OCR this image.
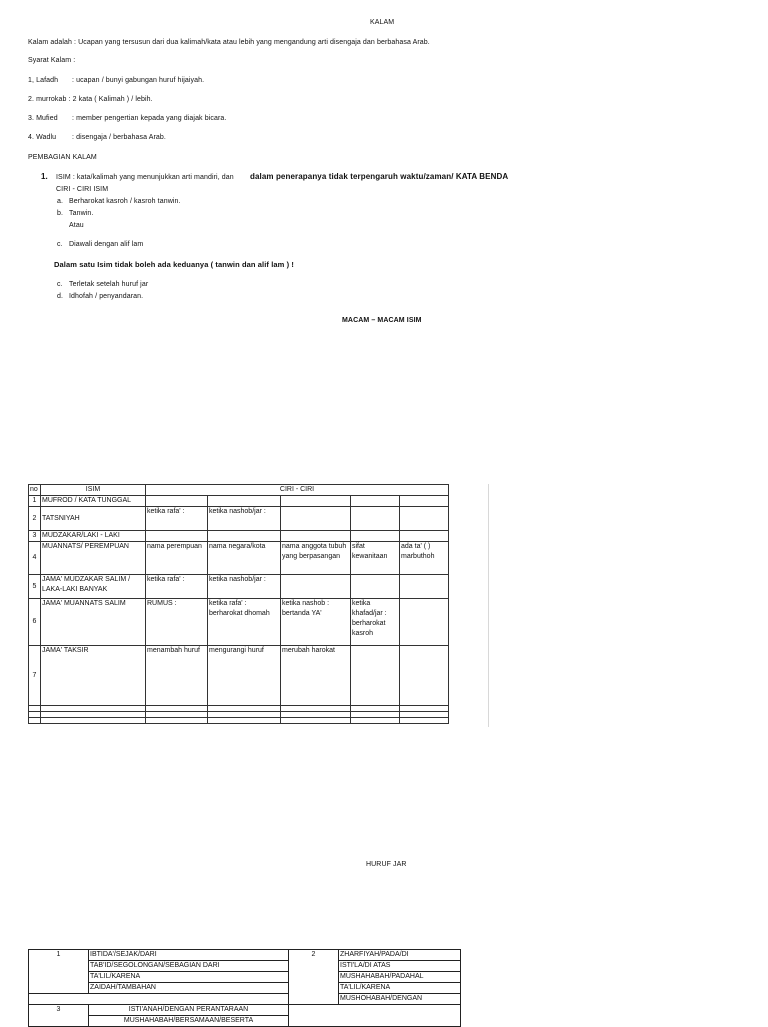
KALAM
Kalam adalah : Ucapan yang tersusun dari dua kalimah/kata atau lebih yang mengandung arti disengaja dan berbahasa Arab.
Syarat Kalam :
1, Lafadh : ucapan / bunyi gabungan huruf hijaiyah.
2. murrokab : 2 kata ( Kalimah ) / lebih.
3. Mufied : member pengertian kepada yang diajak bicara.
4. Wadlu : disengaja / berbahasa Arab.
PEMBAGIAN KALAM
1. ISIM : kata/kalimah yang menunjukkan arti mandiri, dan dalam penerapanya tidak terpengaruh waktu/zaman/ KATA BENDA
CIRI - CIRI ISIM
a. Berharokat kasroh / kasroh tanwin.
b. Tanwin.
Atau
c. Diawali dengan alif lam
Dalam satu Isim tidak boleh ada keduanya ( tanwin dan alif lam ) !
c. Terletak setelah huruf jar
d. Idhofah / penyandaran.
MACAM – MACAM ISIM
no	ISIM	CIRI - CIRI				
1	MUFROD / KATA TUNGGAL					
2	TATSNIYAH	ketika rafa' :	ketika nashob/jar :			
3	MUDZAKAR/LAKI - LAKI					
4	MUANNATS/ PEREMPUAN	nama perempuan	nama negara/kota	nama anggota tubuh yang berpasangan	sifat kewanitaan	ada ta' ( ) marbuthoh
5	JAMA' MUDZAKAR SALIM / LAKA-LAKI BANYAK	ketika rafa' :	ketika nashob/jar :			
6	JAMA' MUANNATS SALIM	RUMUS :	ketika rafa' : berharokat dhomah	ketika nashob : bertanda YA'	ketika khafad/jar : berharokat kasroh	
7	JAMA' TAKSIR	menambah huruf	mengurangi huruf	merubah harokat		

HURUF JAR
1	IBTIDA'/SEJAK/DARI	2	ZHARFIYAH/PADA/DI
	TAB'ID/SEGOLONGAN/SEBAGIAN DARI		ISTI'LA/DI ATAS
	TA'LIL/KARENA		MUSHAHABAH/PADAHAL
	ZAIDAH/TAMBAHAN		TA'LIL/KARENA
			MUSHOHABAH/DENGAN
3	ISTI'ANAH/DENGAN PERANTARAAN		
	MUSHAHABAH/BERSAMAAN/BESERTA		
